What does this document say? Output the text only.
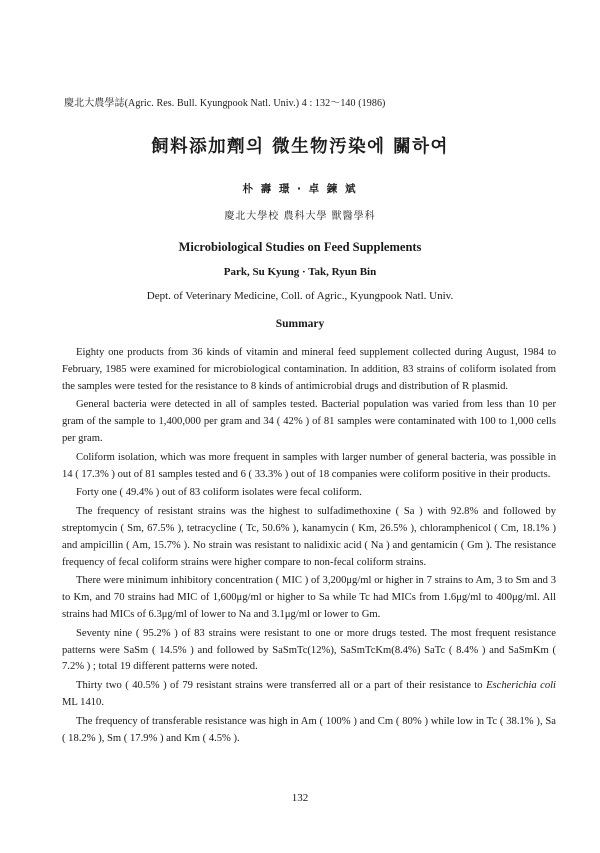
慶北大農學誌(Agric. Res. Bull. Kyungpook Natl. Univ.) 4 : 132～140 (1986)
飼料添加劑의 微生物汚染에 關하여
朴 壽 璟 · 卓 鍊 斌
慶北大學校 農科大學 獸醫學科
Microbiological Studies on Feed Supplements
Park, Su Kyung · Tak, Ryun Bin
Dept. of Veterinary Medicine, Coll. of Agric., Kyungpook Natl. Univ.
Summary

Eighty one products from 36 kinds of vitamin and mineral feed supplement collected during August, 1984 to February, 1985 were examined for microbiological contamination. In addition, 83 strains of coliform isolated from the samples were tested for the resistance to 8 kinds of antimicrobial drugs and distribution of R plasmid.

General bacteria were detected in all of samples tested. Bacterial population was varied from less than 10 per gram of the sample to 1,400,000 per gram and 34 ( 42% ) of 81 samples were contaminated with 100 to 1,000 cells per gram.

Coliform isolation, which was more frequent in samples with larger number of general bacteria, was possible in 14 ( 17.3% ) out of 81 samples tested and 6 ( 33.3% ) out of 18 companies were coliform positive in their products.

Forty one ( 49.4% ) out of 83 coliform isolates were fecal coliform.

The frequency of resistant strains was the highest to sulfadimethoxine ( Sa ) with 92.8% and followed by streptomycin ( Sm, 67.5% ), tetracycline ( Tc, 50.6% ), kanamycin ( Km, 26.5% ), chloramphenicol ( Cm, 18.1% ) and ampicillin ( Am, 15.7% ). No strain was resistant to nalidixic acid ( Na ) and gentamicin ( Gm ). The resistance frequency of fecal coliform strains were higher compare to non-fecal coliform strains.

There were minimum inhibitory concentration ( MIC ) of 3,200μg/ml or higher in 7 strains to Am, 3 to Sm and 3 to Km, and 70 strains had MIC of 1,600μg/ml or higher to Sa while Tc had MICs from 1.6μg/ml to 400μg/ml. All strains had MICs of 6.3μg/ml of lower to Na and 3.1μg/ml or lower to Gm.

Seventy nine ( 95.2% ) of 83 strains were resistant to one or more drugs tested. The most frequent resistance patterns were SaSm ( 14.5% ) and followed by SaSmTc(12%), SaSmTcKm(8.4%) SaTc ( 8.4% ) and SaSmKm ( 7.2% ) ; total 19 different patterns were noted.

Thirty two ( 40.5% ) of 79 resistant strains were transferred all or a part of their resistance to Escherichia coli ML 1410.

The frequency of transferable resistance was high in Am ( 100% ) and Cm ( 80% ) while low in Tc ( 38.1% ), Sa ( 18.2% ), Sm ( 17.9% ) and Km ( 4.5% ).

132
